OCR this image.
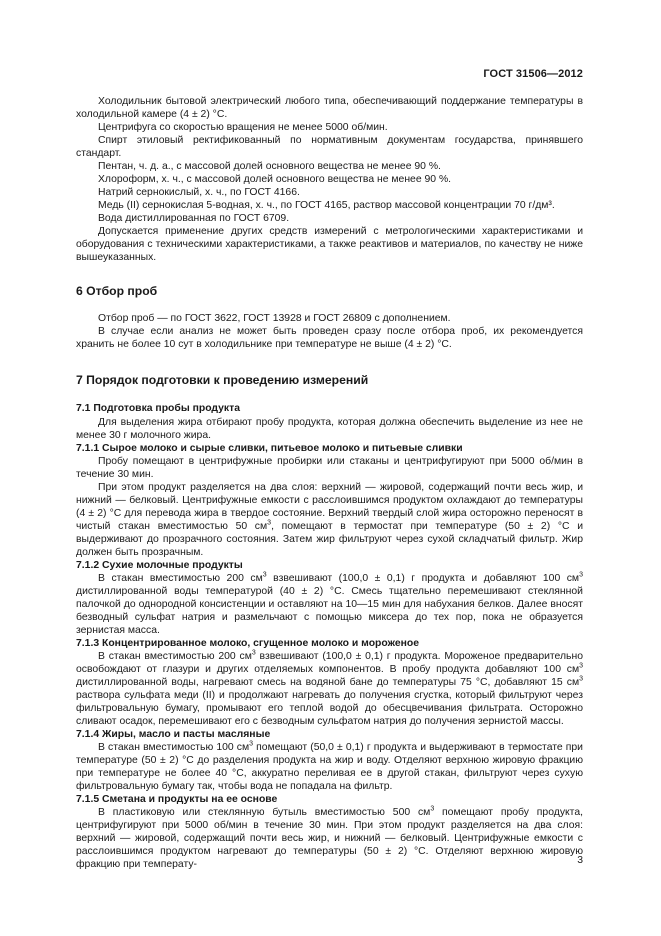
ГОСТ 31506—2012

Холодильник бытовой электрический любого типа, обеспечивающий поддержание температуры в холодильной камере (4 ± 2) °С.

Центрифуга со скоростью вращения не менее 5000 об/мин.

Спирт этиловый ректификованный по нормативным документам государства, принявшего стандарт.

Пентан, ч. д. а., с массовой долей основного вещества не менее 90 %.

Хлороформ, х. ч., с массовой долей основного вещества не менее 90 %.

Натрий сернокислый, х. ч., по ГОСТ 4166.

Медь (II) сернокислая 5-водная, х. ч., по ГОСТ 4165, раствор массовой концентрации 70 г/дм³.

Вода дистиллированная по ГОСТ 6709.

Допускается применение других средств измерений с метрологическими характеристиками и оборудования с техническими характеристиками, а также реактивов и материалов, по качеству не ниже вышеуказанных.

6 Отбор проб

Отбор проб — по ГОСТ 3622, ГОСТ 13928 и ГОСТ 26809 с дополнением.

В случае если анализ не может быть проведен сразу после отбора проб, их рекомендуется хранить не более 10 сут в холодильнике при температуре не выше (4 ± 2) °С.

7 Порядок подготовки к проведению измерений

7.1 Подготовка пробы продукта

Для выделения жира отбирают пробу продукта, которая должна обеспечить выделение из нее не менее 30 г молочного жира.

7.1.1 Сырое молоко и сырые сливки, питьевое молоко и питьевые сливки

Пробу помещают в центрифужные пробирки или стаканы и центрифугируют при 5000 об/мин в течение 30 мин.

При этом продукт разделяется на два слоя: верхний — жировой, содержащий почти весь жир, и нижний — белковый. Центрифужные емкости с расслоившимся продуктом охлаждают до температуры (4 ± 2) °С для перевода жира в твердое состояние. Верхний твердый слой жира осторожно переносят в чистый стакан вместимостью 50 $см^3$, помещают в термостат при температуре (50 ± 2) °С и выдерживают до прозрачного состояния. Затем жир фильтруют через сухой складчатый фильтр. Жир должен быть прозрачным.

7.1.2 Сухие молочные продукты

В стакан вместимостью 200 $см^3$ взвешивают (100,0 ± 0,1) г продукта и добавляют 100 $см^3$ дистиллированной воды температурой (40 ± 2) °С. Смесь тщательно перемешивают стеклянной палочкой до однородной консистенции и оставляют на 10—15 мин для набухания белков. Далее вносят безводный сульфат натрия и размельчают с помощью миксера до тех пор, пока не образуется зернистая масса.

7.1.3 Концентрированное молоко, сгущенное молоко и мороженое

В стакан вместимостью 200 $см^3$ взвешивают (100,0 ± 0,1) г продукта. Мороженое предварительно освобождают от глазури и других отделяемых компонентов. В пробу продукта добавляют 100 $см^3$ дистиллированной воды, нагревают смесь на водяной бане до температуры 75 °С, добавляют 15 $см^3$ раствора сульфата меди (II) и продолжают нагревать до получения сгустка, который фильтруют через фильтровальную бумагу, промывают его теплой водой до обесцвечивания фильтрата. Осторожно сливают осадок, перемешивают его с безводным сульфатом натрия до получения зернистой массы.

7.1.4 Жиры, масло и пасты масляные

В стакан вместимостью 100 $см^3$ помещают (50,0 ± 0,1) г продукта и выдерживают в термостате при температуре (50 ± 2) °С до разделения продукта на жир и воду. Отделяют верхнюю жировую фракцию при температуре не более 40 °С, аккуратно переливая ее в другой стакан, фильтруют через сухую фильтровальную бумагу так, чтобы вода не попадала на фильтр.

7.1.5 Сметана и продукты на ее основе

В пластиковую или стеклянную бутыль вместимостью 500 $см^3$ помещают пробу продукта, центрифугируют при 5000 об/мин в течение 30 мин. При этом продукт разделяется на два слоя: верхний — жировой, содержащий почти весь жир, и нижний — белковый. Центрифужные емкости с расслоившимся продуктом нагревают до температуры (50 ± 2) °С. Отделяют верхнюю жировую фракцию при температу-	3
